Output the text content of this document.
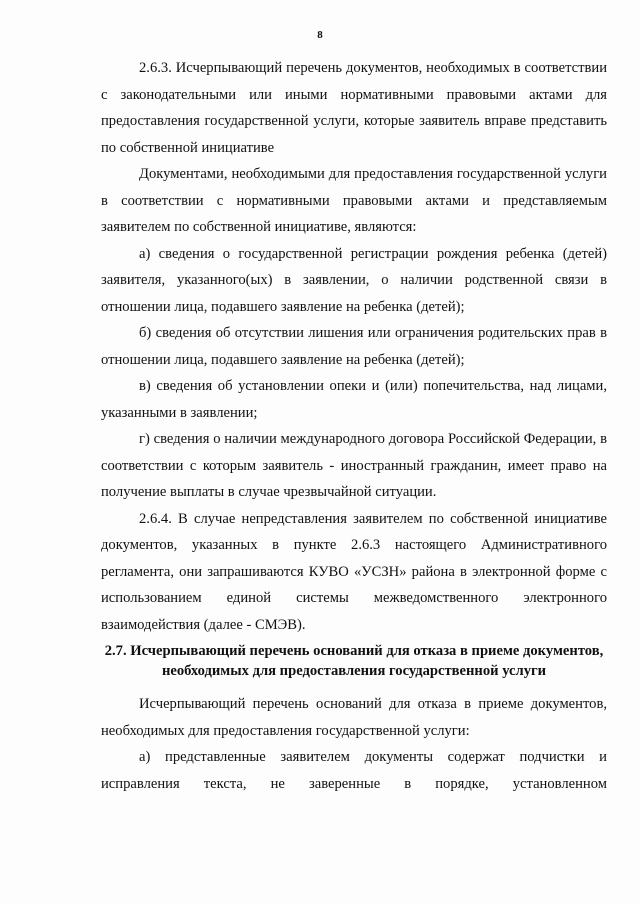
8

2.6.3. Исчерпывающий перечень документов, необходимых в соответствии с законодательными или иными нормативными правовыми актами для предоставления государственной услуги, которые заявитель вправе представить по собственной инициативе

Документами, необходимыми для предоставления государственной услуги в соответствии с нормативными правовыми актами и представляемым заявителем по собственной инициативе, являются:

а) сведения о государственной регистрации рождения ребенка (детей) заявителя, указанного(ых) в заявлении, о наличии родственной связи в отношении лица, подавшего заявление на ребенка (детей);

б) сведения об отсутствии лишения или ограничения родительских прав в отношении лица, подавшего заявление на ребенка (детей);

в) сведения об установлении опеки и (или) попечительства, над лицами, указанными в заявлении;

г) сведения о наличии международного договора Российской Федерации, в соответствии с которым заявитель - иностранный гражданин, имеет право на получение выплаты в случае чрезвычайной ситуации.

2.6.4. В случае непредставления заявителем по собственной инициативе документов, указанных в пункте 2.6.3 настоящего Административного регламента, они запрашиваются КУВО «УСЗН» района в электронной форме с использованием единой системы межведомственного электронного взаимодействия (далее - СМЭВ).

2.7. Исчерпывающий перечень оснований для отказа в приеме документов, необходимых для предоставления государственной услуги

Исчерпывающий перечень оснований для отказа в приеме документов, необходимых для предоставления государственной услуги:

а) представленные заявителем документы содержат подчистки и исправления текста, не заверенные в порядке, установленном
